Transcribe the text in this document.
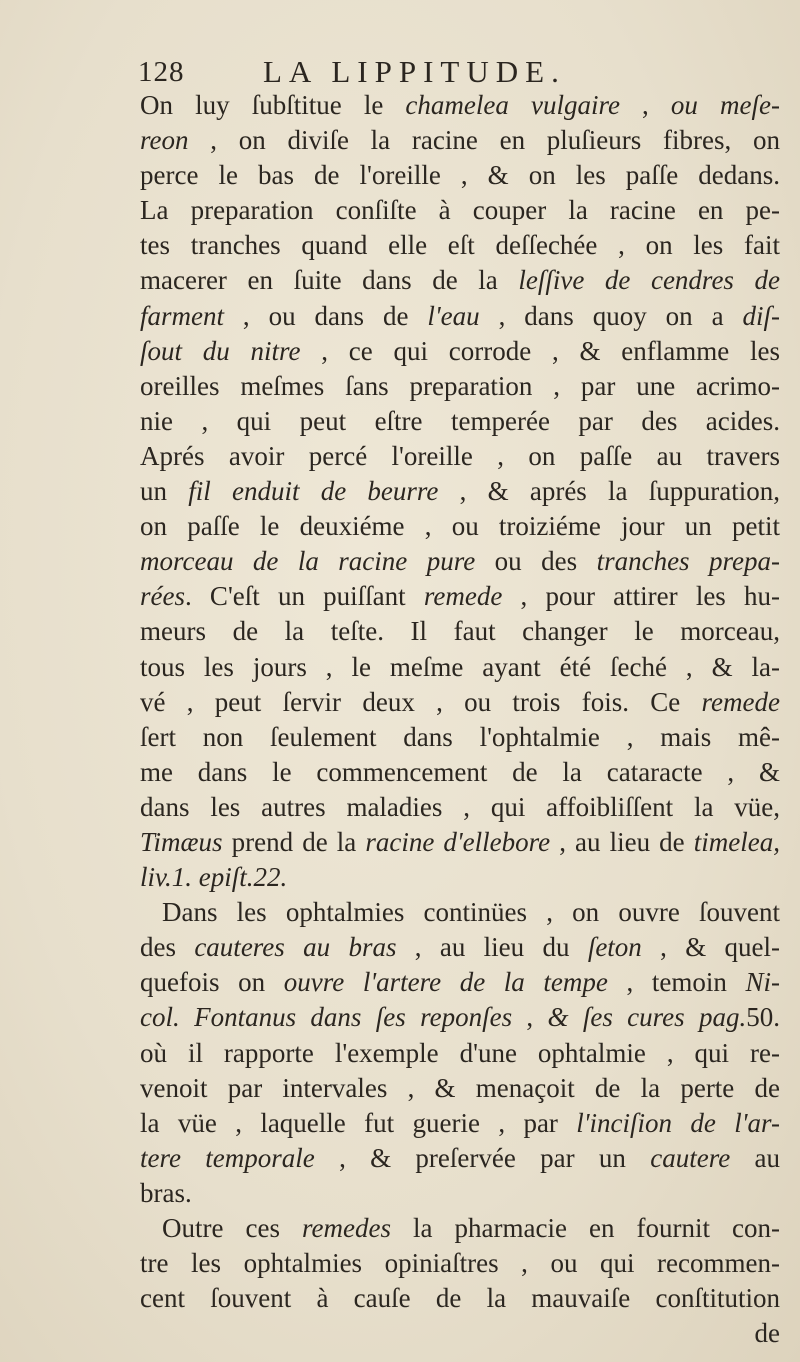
128	LA LIPPITUDE.
On luy ſubſtitue le chamelea vulgaire , ou meſe-
reon , on diviſe la racine en pluſieurs fibres, on
perce le bas de l'oreille , & on les paſſe dedans.
La preparation conſiſte à couper la racine en pe-
tes tranches quand elle eſt deſſechée , on les fait
macerer en ſuite dans de la leſſive de cendres de
farment , ou dans de l'eau , dans quoy on a diſ-
ſout du nitre , ce qui corrode , & enflamme les
oreilles meſmes ſans preparation , par une acrimo-
nie , qui peut eſtre temperée par des acides.
Aprés avoir percé l'oreille , on paſſe au travers
un fil enduit de beurre , & aprés la ſuppuration,
on paſſe le deuxiéme , ou troiziéme jour un petit
morceau de la racine pure ou des tranches prepa-
rées. C'eſt un puiſſant remede , pour attirer les hu-
meurs de la teſte. Il faut changer le morceau,
tous les jours , le meſme ayant été ſeché , & la-
vé , peut ſervir deux , ou trois fois. Ce remede
ſert non ſeulement dans l'ophtalmie , mais mê-
me dans le commencement de la cataracte , &
dans les autres maladies , qui affoibliſſent la vüe,
Timæus prend de la racine d'ellebore , au lieu de timelea,
liv.1. epiſt.22.
Dans les ophtalmies continües , on ouvre ſouvent
des cauteres au bras , au lieu du ſeton , & quel-
quefois on ouvre l'artere de la tempe , temoin Ni-
col. Fontanus dans ſes reponſes , & ſes cures pag.50.
où il rapporte l'exemple d'une ophtalmie , qui re-
venoit par intervales , & menaçoit de la perte de
la vüe , laquelle fut guerie , par l'inciſion de l'ar-
tere temporale , & preſervée par un cautere au
bras.
Outre ces remedes la pharmacie en fournit con-
tre les ophtalmies opiniaſtres , ou qui recommen-
cent ſouvent à cauſe de la mauvaiſe conſtitution
de
